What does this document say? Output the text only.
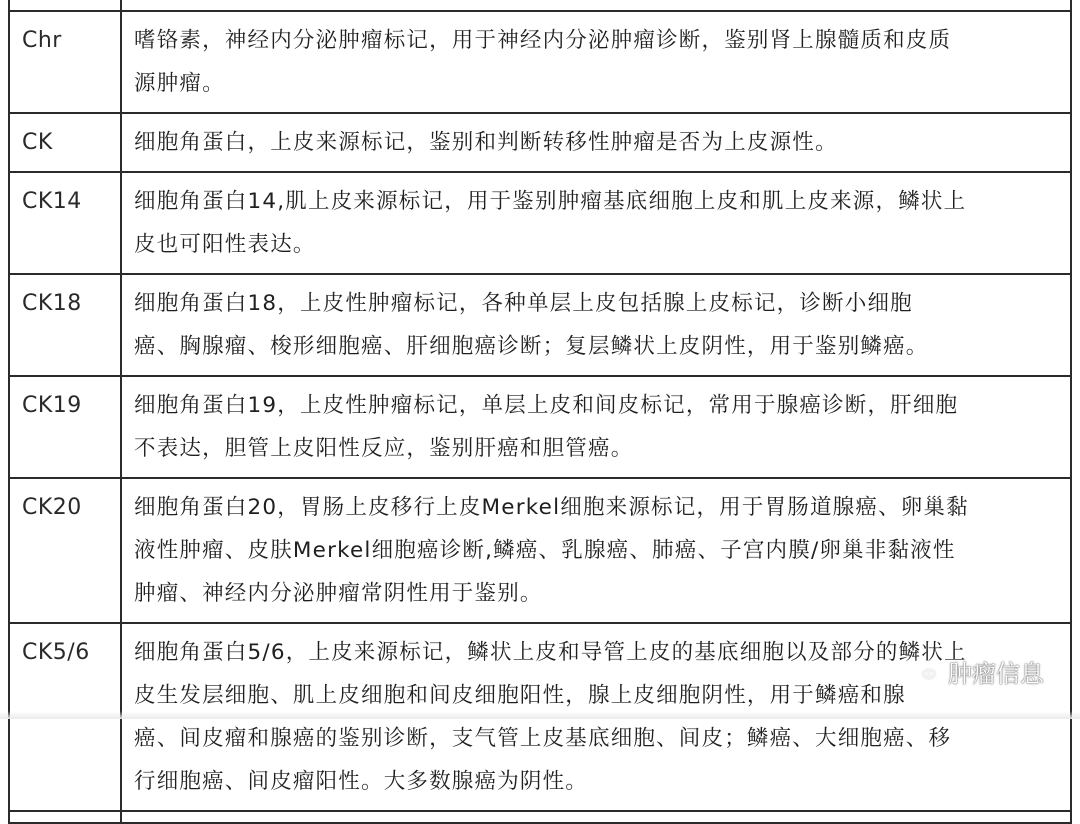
Chr	嗜铬素，神经内分泌肿瘤标记，用于神经内分泌肿瘤诊断，鉴别肾上腺髓质和皮质
源肿瘤。

CK	细胞角蛋白，上皮来源标记，鉴别和判断转移性肿瘤是否为上皮源性。

CK14	细胞角蛋白14,肌上皮来源标记，用于鉴别肿瘤基底细胞上皮和肌上皮来源，鳞状上
皮也可阳性表达。

CK18	细胞角蛋白18，上皮性肿瘤标记，各种单层上皮包括腺上皮标记，诊断小细胞
癌、胸腺瘤、梭形细胞癌、肝细胞癌诊断；复层鳞状上皮阴性，用于鉴别鳞癌。

CK19	细胞角蛋白19，上皮性肿瘤标记，单层上皮和间皮标记，常用于腺癌诊断，肝细胞
不表达，胆管上皮阳性反应，鉴别肝癌和胆管癌。

CK20	细胞角蛋白20，胃肠上皮移行上皮Merkel细胞来源标记，用于胃肠道腺癌、卵巢黏
液性肿瘤、皮肤Merkel细胞癌诊断,鳞癌、乳腺癌、肺癌、子宫内膜/卵巢非黏液性
肿瘤、神经内分泌肿瘤常阴性用于鉴别。

CK5/6	细胞角蛋白5/6，上皮来源标记，鳞状上皮和导管上皮的基底细胞以及部分的鳞状上
皮生发层细胞、肌上皮细胞和间皮细胞阳性，腺上皮细胞阴性，用于鳞癌和腺
癌、间皮瘤和腺癌的鉴别诊断，支气管上皮基底细胞、间皮；鳞癌、大细胞癌、移
行细胞癌、间皮瘤阳性。大多数腺癌为阴性。

肿瘤信息
